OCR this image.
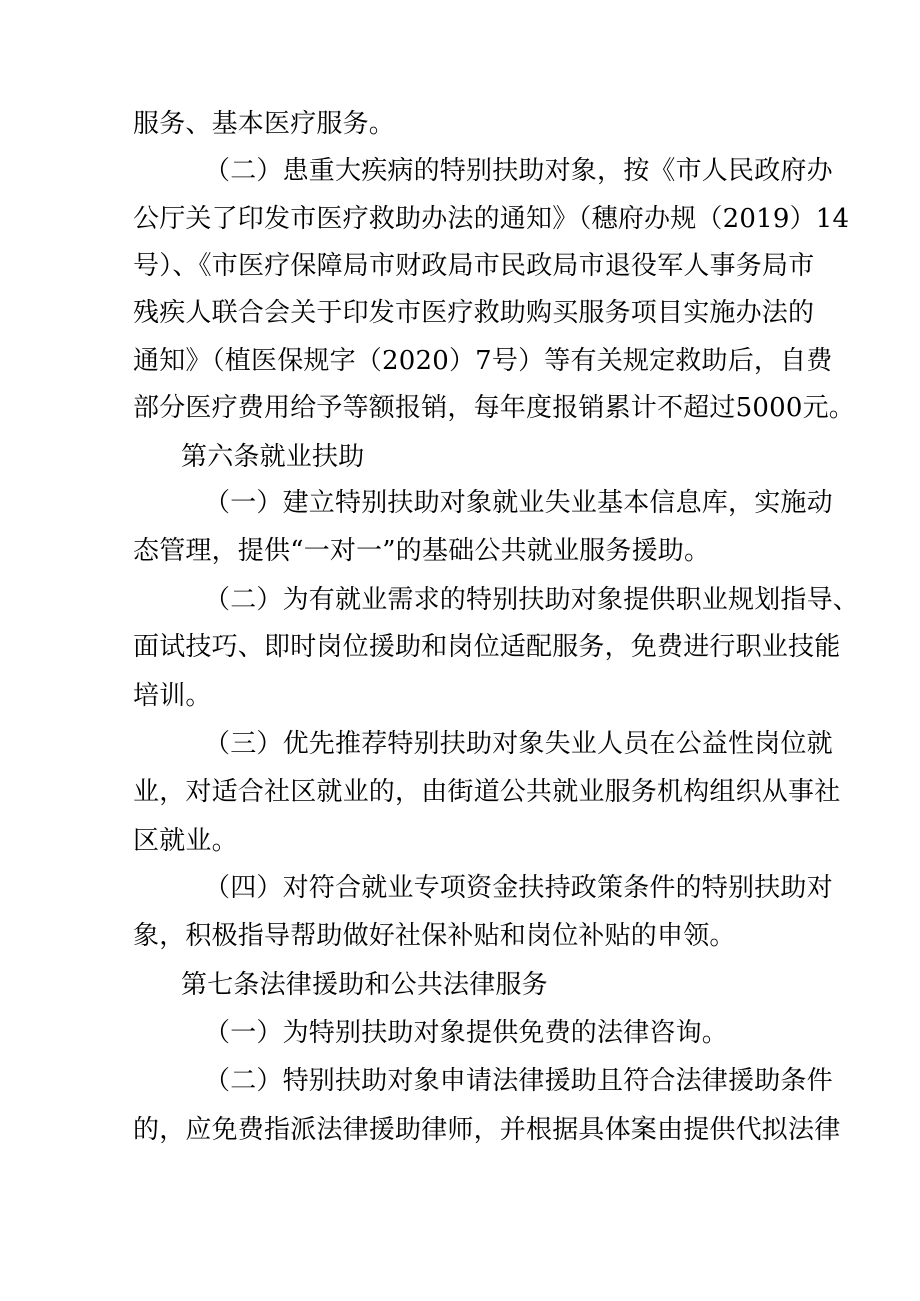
服务、基本医疗服务。
（二）患重大疾病的特别扶助对象，按《市人民政府办
公厅关了印发市医疗救助办法的通知》（穗府办规（2019）14
号）、《市医疗保障局市财政局市民政局市退役军人事务局市
残疾人联合会关于印发市医疗救助购买服务项目实施办法的
通知》（植医保规字（2020）7号）等有关规定救助后，自费
部分医疗费用给予等额报销，每年度报销累计不超过5000元。
第六条就业扶助
（一）建立特别扶助对象就业失业基本信息库，实施动
态管理，提供“一对一”的基础公共就业服务援助。
（二）为有就业需求的特别扶助对象提供职业规划指导、
面试技巧、即时岗位援助和岗位适配服务，免费进行职业技能
培训。
（三）优先推荐特别扶助对象失业人员在公益性岗位就
业，对适合社区就业的，由街道公共就业服务机构组织从事社
区就业。
（四）对符合就业专项资金扶持政策条件的特别扶助对
象，积极指导帮助做好社保补贴和岗位补贴的申领。
第七条法律援助和公共法律服务
（一）为特别扶助对象提供免费的法律咨询。
（二）特别扶助对象申请法律援助且符合法律援助条件
的，应免费指派法律援助律师，并根据具体案由提供代拟法律
